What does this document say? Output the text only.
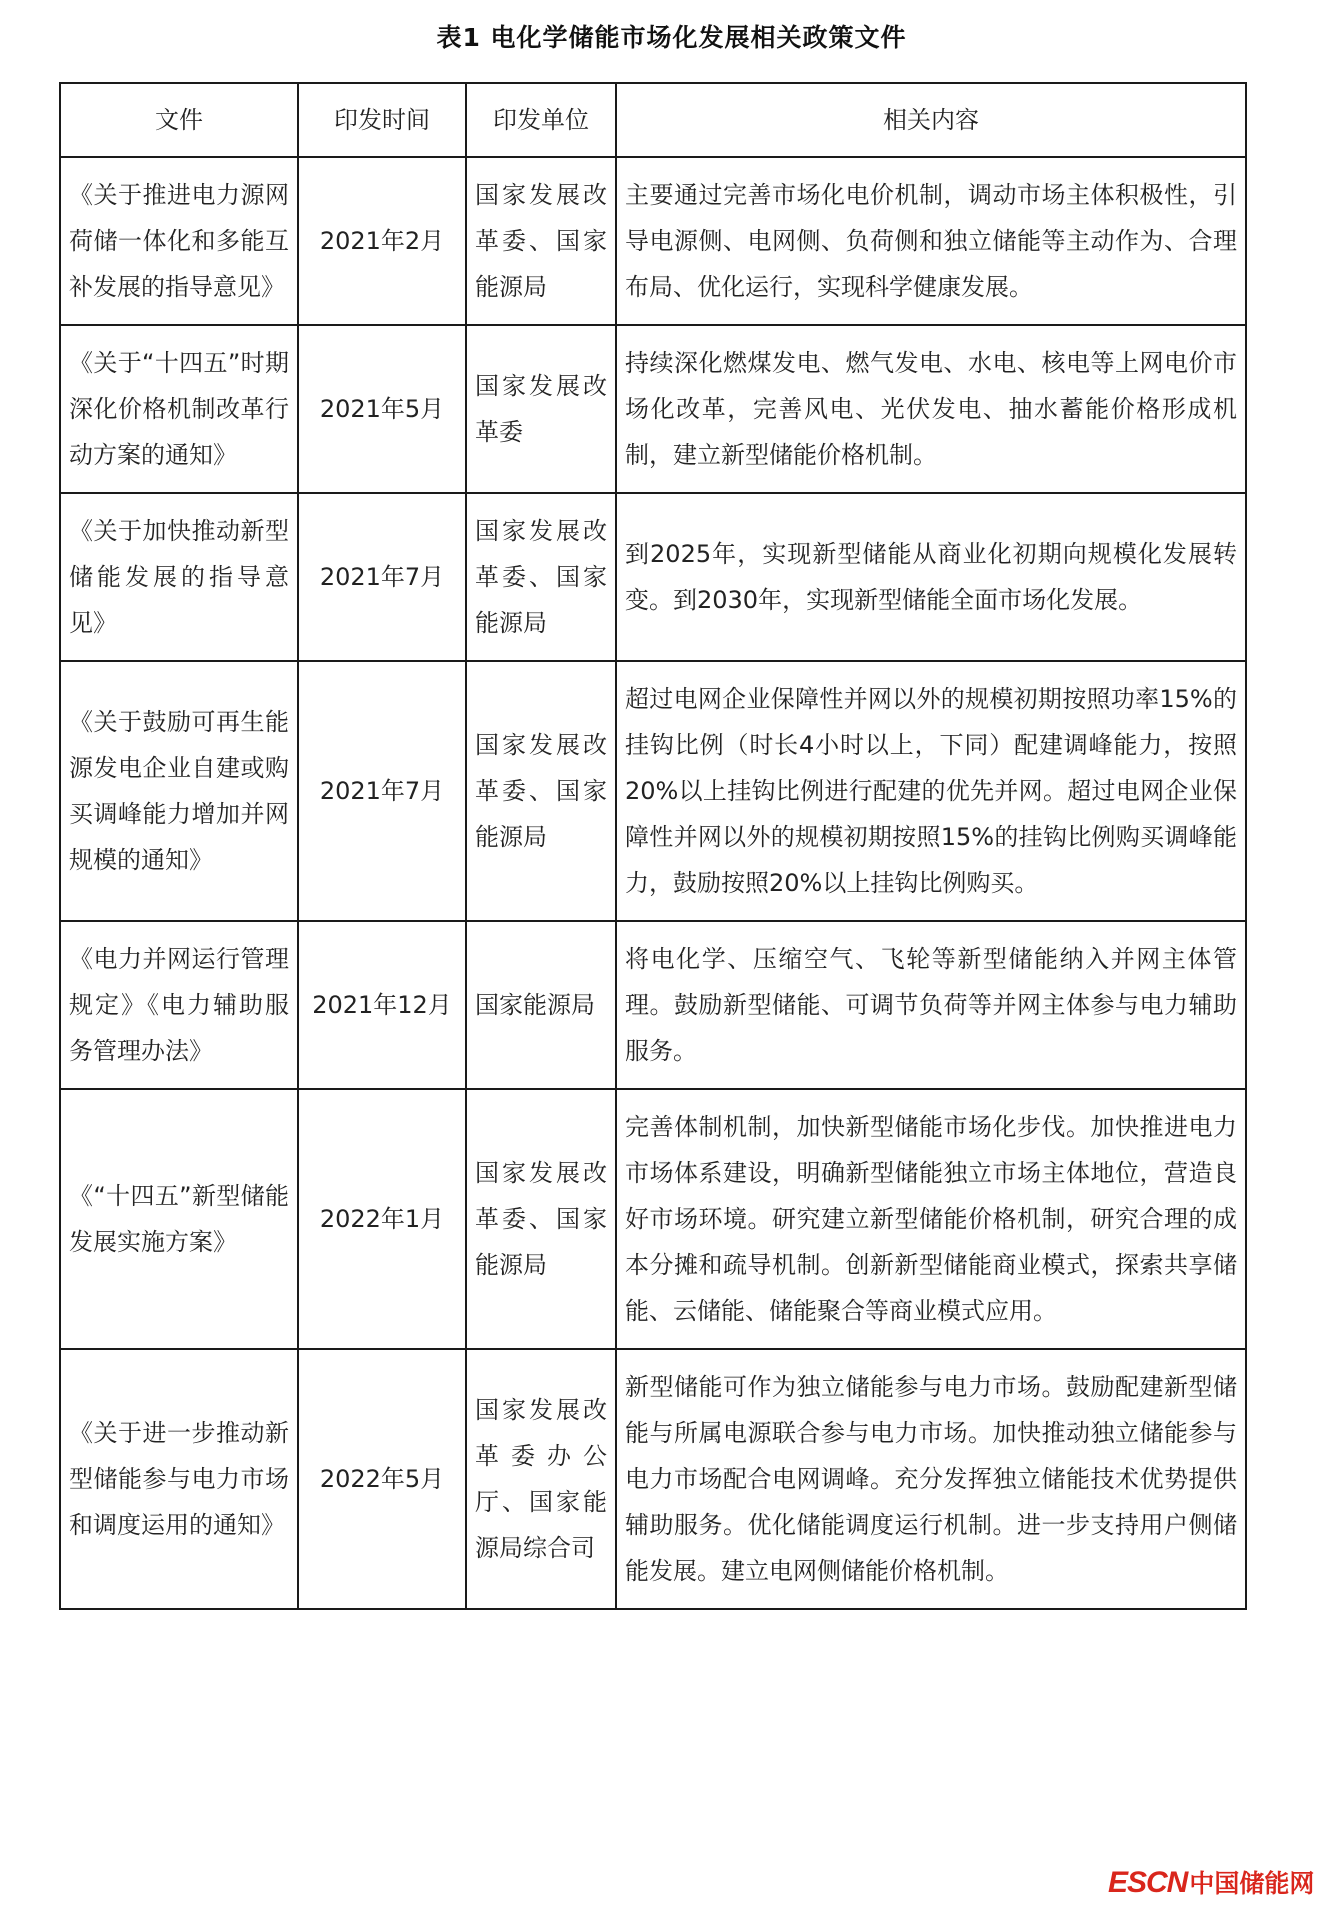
表1 电化学储能市场化发展相关政策文件
文件	印发时间	印发单位	相关内容
《关于推进电力源网荷储一体化和多能互补发展的指导意见》	2021年2月	国家发展改革委、国家能源局	主要通过完善市场化电价机制，调动市场主体积极性，引导电源侧、电网侧、负荷侧和独立储能等主动作为、合理布局、优化运行，实现科学健康发展。
《关于“十四五”时期深化价格机制改革行动方案的通知》	2021年5月	国家发展改革委	持续深化燃煤发电、燃气发电、水电、核电等上网电价市场化改革，完善风电、光伏发电、抽水蓄能价格形成机制，建立新型储能价格机制。
《关于加快推动新型储能发展的指导意见》	2021年7月	国家发展改革委、国家能源局	到2025年，实现新型储能从商业化初期向规模化发展转变。到2030年，实现新型储能全面市场化发展。
《关于鼓励可再生能源发电企业自建或购买调峰能力增加并网规模的通知》	2021年7月	国家发展改革委、国家能源局	超过电网企业保障性并网以外的规模初期按照功率15%的挂钩比例（时长4小时以上，下同）配建调峰能力，按照20%以上挂钩比例进行配建的优先并网。超过电网企业保障性并网以外的规模初期按照15%的挂钩比例购买调峰能力，鼓励按照20%以上挂钩比例购买。
《电力并网运行管理规定》《电力辅助服务管理办法》	2021年12月	国家能源局	将电化学、压缩空气、飞轮等新型储能纳入并网主体管理。鼓励新型储能、可调节负荷等并网主体参与电力辅助服务。
《“十四五”新型储能发展实施方案》	2022年1月	国家发展改革委、国家能源局	完善体制机制，加快新型储能市场化步伐。加快推进电力市场体系建设，明确新型储能独立市场主体地位，营造良好市场环境。研究建立新型储能价格机制，研究合理的成本分摊和疏导机制。创新新型储能商业模式，探索共享储能、云储能、储能聚合等商业模式应用。
《关于进一步推动新型储能参与电力市场和调度运用的通知》	2022年5月	国家发展改革委办公厅、国家能源局综合司	新型储能可作为独立储能参与电力市场。鼓励配建新型储能与所属电源联合参与电力市场。加快推动独立储能参与电力市场配合电网调峰。充分发挥独立储能技术优势提供辅助服务。优化储能调度运行机制。进一步支持用户侧储能发展。建立电网侧储能价格机制。
ESCN中国储能网
